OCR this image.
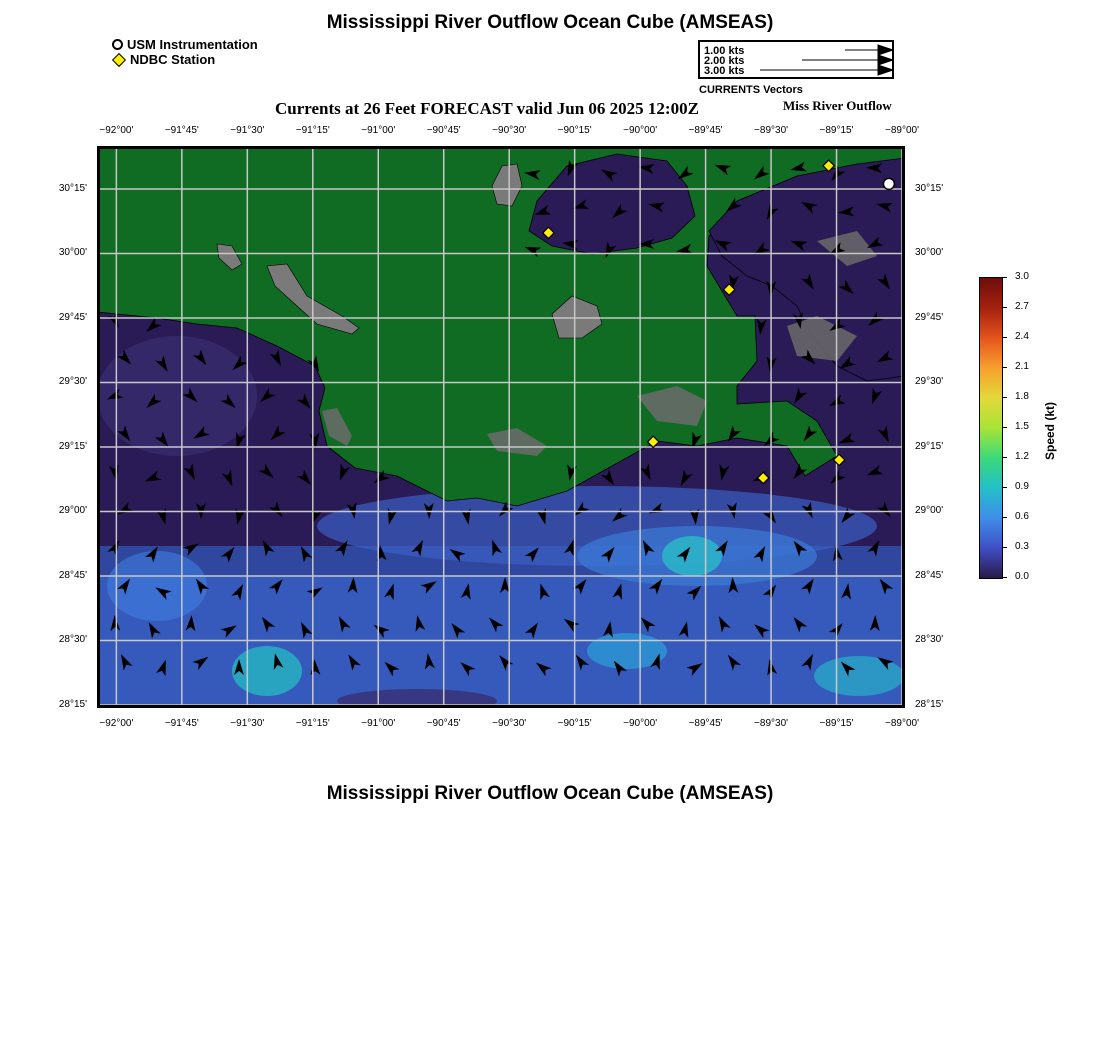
Mississippi River Outflow Ocean Cube (AMSEAS)
USM Instrumentation
NDBC Station
1.00 kts
2.00 kts
3.00 kts
CURRENTS Vectors
Currents at 26 Feet FORECAST valid Jun 06 2025 12:00Z	Miss River Outflow
−92°00'	−91°45'	−91°30'	−91°15'	−91°00'	−90°45'	−90°30'	−90°15'	−90°00'	−89°45'	−89°30'	−89°15'	−89°00'
−92°00'	−91°45'	−91°30'	−91°15'	−91°00'	−90°45'	−90°30'	−90°15'	−90°00'	−89°45'	−89°30'	−89°15'	−89°00'
30°15'
30°00'
29°45'
29°30'
29°15'
29°00'
28°45'
28°30'
28°15'
30°15'
30°00'
29°45'
29°30'
29°15'
29°00'
28°45'
28°30'
28°15'
3.0
2.7
2.4
2.1
1.8
1.5
1.2
0.9
0.6
0.3
0.0
Speed (kt)
Mississippi River Outflow Ocean Cube (AMSEAS)
